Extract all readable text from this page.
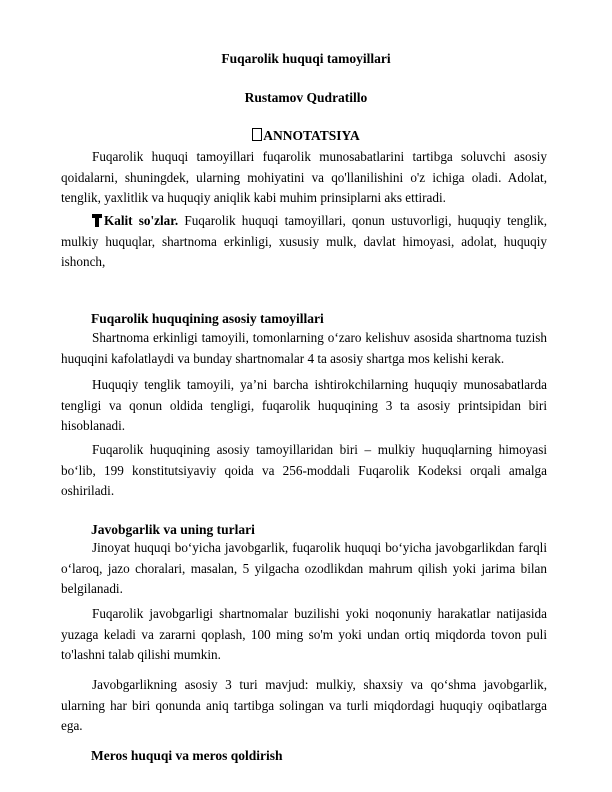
Fuqarolik huquqi tamoyillari
Rustamov Qudratillo
ANNOTATSIYA

Fuqarolik huquqi tamoyillari fuqarolik munosabatlarini tartibga soluvchi asosiy qoidalarni, shuningdek, ularning mohiyatini va qo'llanilishini o'z ichiga oladi. Adolat, tenglik, yaxlitlik va huquqiy aniqlik kabi muhim prinsiplarni aks ettiradi.

Kalit so'zlar. Fuqarolik huquqi tamoyillari, qonun ustuvorligi, huquqiy tenglik, mulkiy huquqlar, shartnoma erkinligi, xususiy mulk, davlat himoyasi, adolat, huquqiy ishonch,

Fuqarolik huquqining asosiy tamoyillari

Shartnoma erkinligi tamoyili, tomonlarning o‘zaro kelishuv asosida shartnoma tuzish huquqini kafolatlaydi va bunday shartnomalar 4 ta asosiy shartga mos kelishi kerak.

Huquqiy tenglik tamoyili, ya’ni barcha ishtirokchilarning huquqiy munosabatlarda tengligi va qonun oldida tengligi, fuqarolik huquqining 3 ta asosiy printsipidan biri hisoblanadi.

Fuqarolik huquqining asosiy tamoyillaridan biri – mulkiy huquqlarning himoyasi bo‘lib, 199 konstitutsiyaviy qoida va 256-moddali Fuqarolik Kodeksi orqali amalga oshiriladi.

Javobgarlik va uning turlari

Jinoyat huquqi bo‘yicha javobgarlik, fuqarolik huquqi bo‘yicha javobgarlikdan farqli o‘laroq, jazo choralari, masalan, 5 yilgacha ozodlikdan mahrum qilish yoki jarima bilan belgilanadi.

Fuqarolik javobgarligi shartnomalar buzilishi yoki noqonuniy harakatlar natijasida yuzaga keladi va zararni qoplash, 100 ming so'm yoki undan ortiq miqdorda tovon puli to'lashni talab qilishi mumkin.

Javobgarlikning asosiy 3 turi mavjud: mulkiy, shaxsiy va qo‘shma javobgarlik, ularning har biri qonunda aniq tartibga solingan va turli miqdordagi huquqiy oqibatlarga ega.

Meros huquqi va meros qoldirish
